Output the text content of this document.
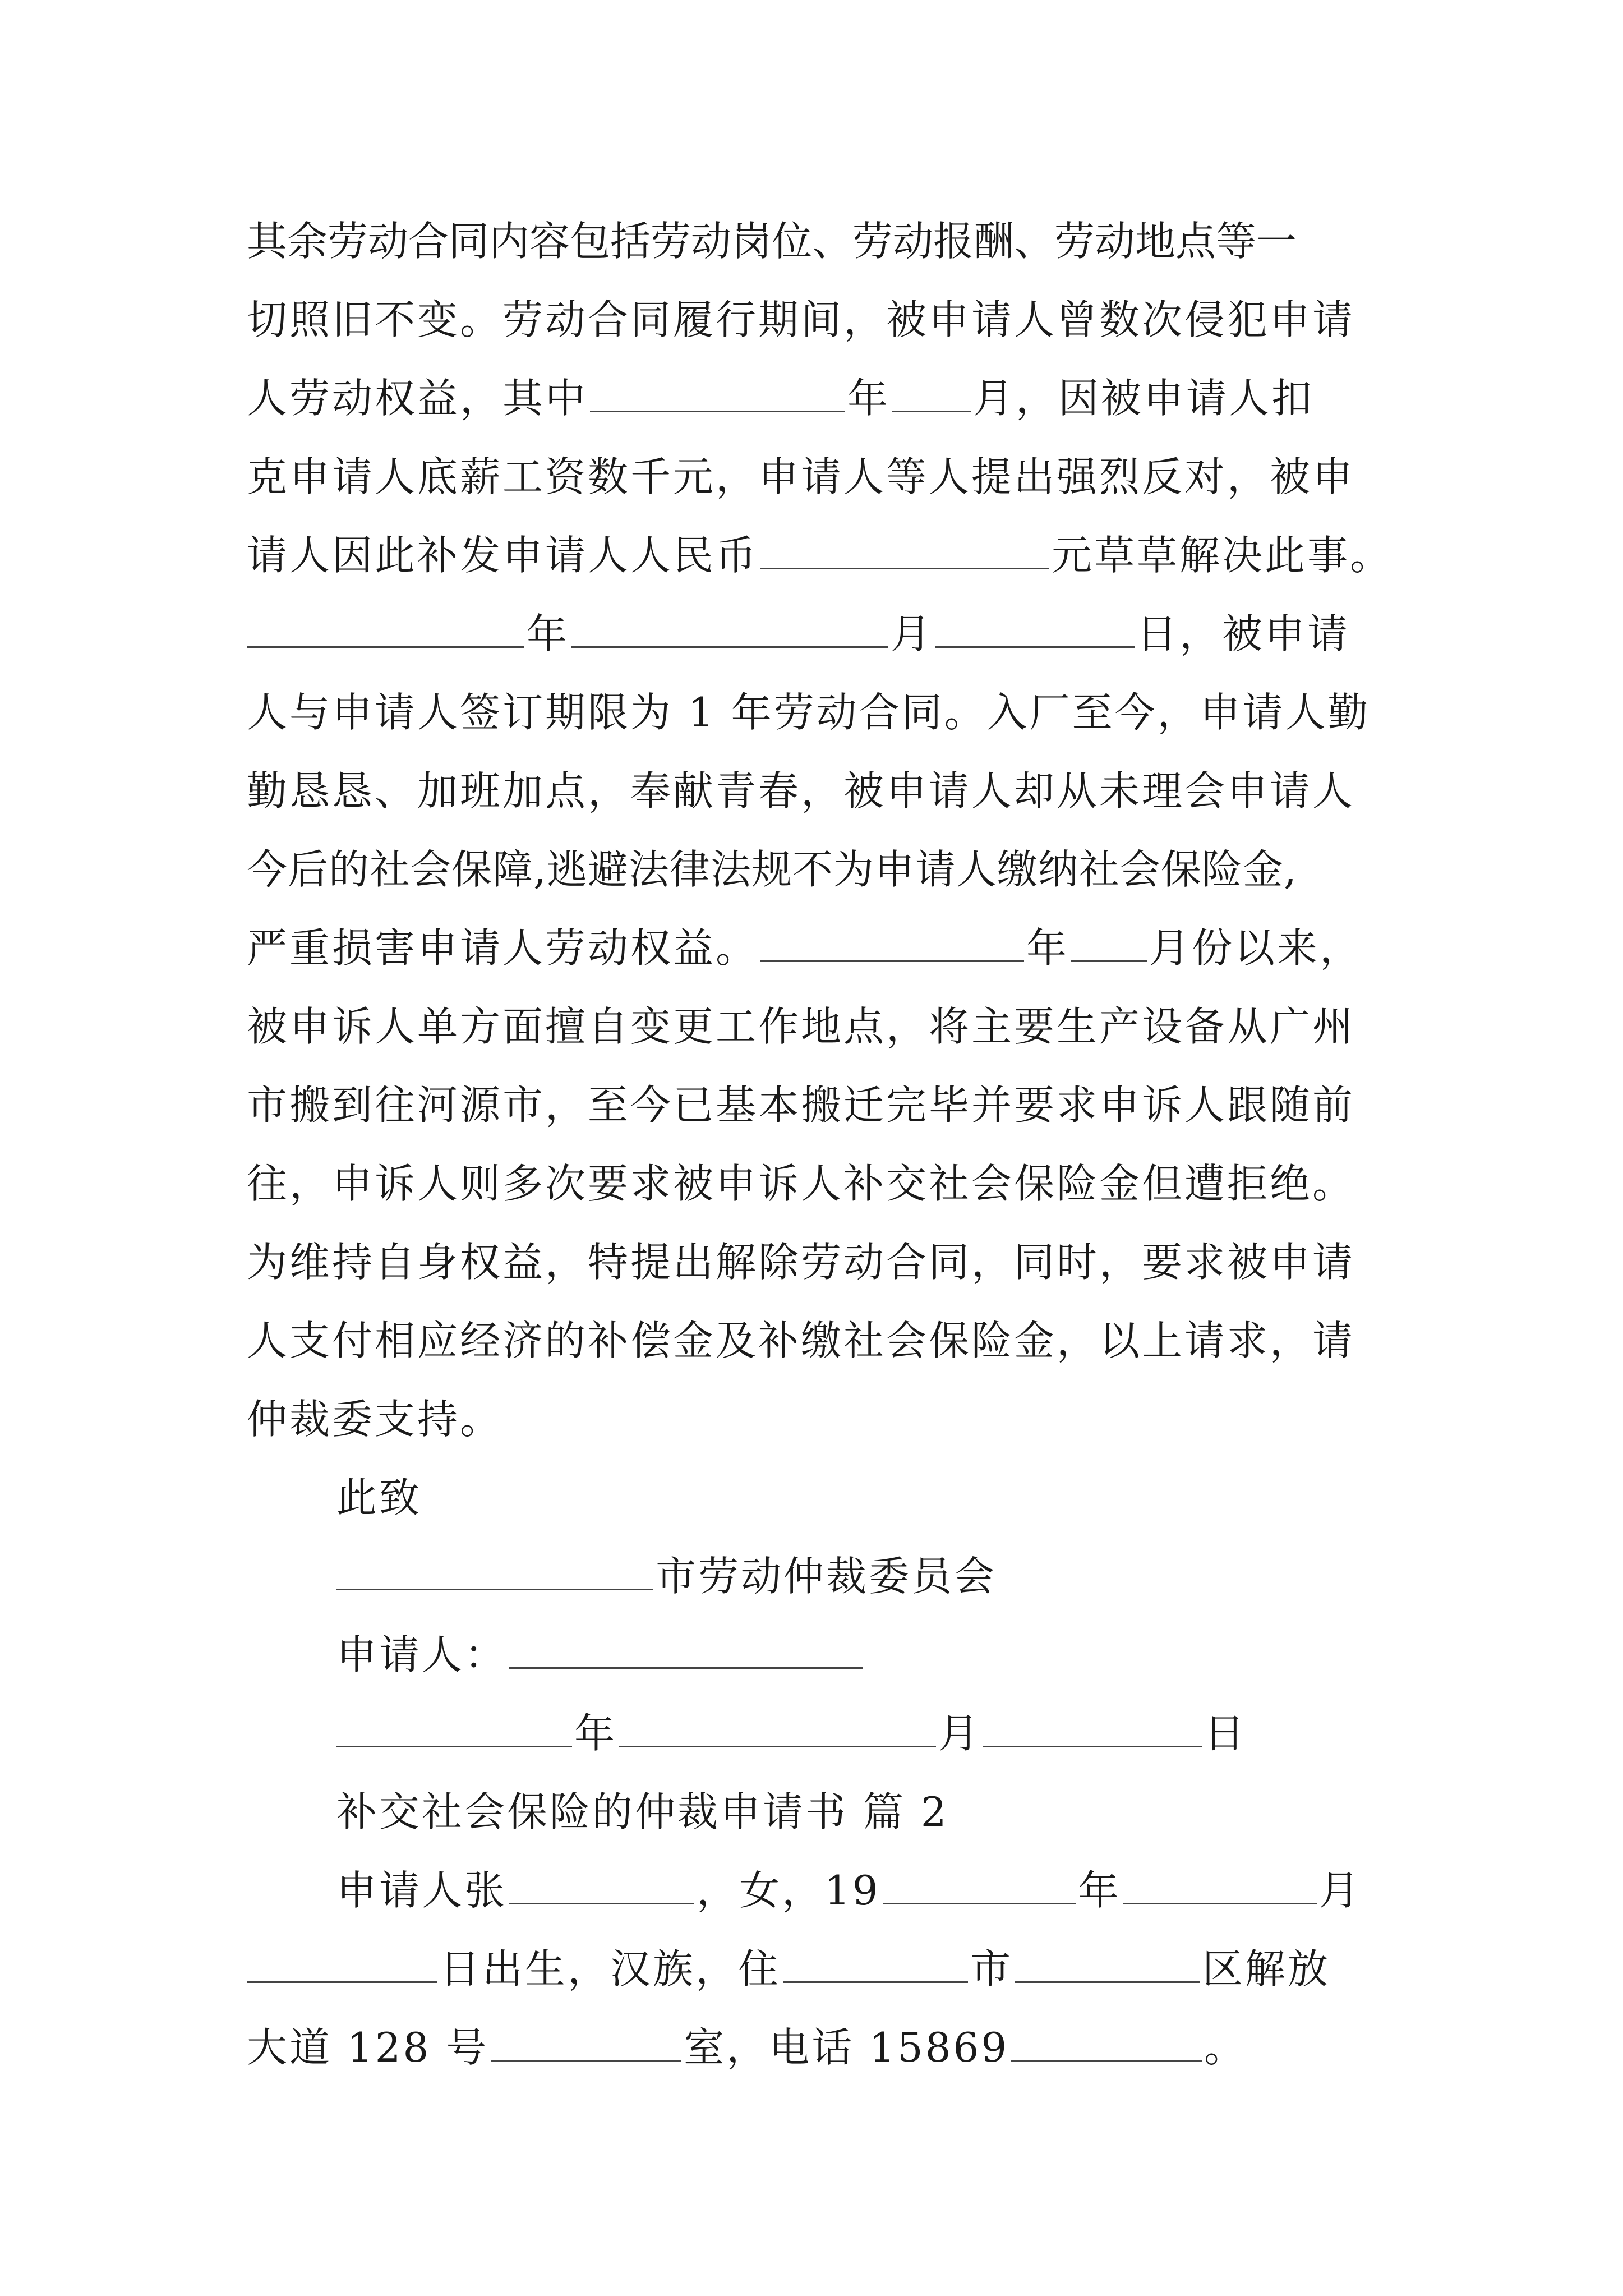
其余劳动合同内容包括劳动岗位、劳动报酬、劳动地点等一
切照旧不变。劳动合同履行期间，被申请人曾数次侵犯申请
人劳动权益，其中	年 月，因被申请人扣
克申请人底薪工资数千元，申请人等人提出强烈反对，被申
请人因此补发申请人人民币	元草草解决此事。
年	月	日，被申请
人与申请人签订期限为 1 年劳动合同。入厂至今，申请人勤
勤恳恳、加班加点，奉献青春，被申请人却从未理会申请人
今后的社会保障,逃避法律法规不为申请人缴纳社会保险金,
严重损害申请人劳动权益。	年 月份以来，
被申诉人单方面擅自变更工作地点，将主要生产设备从广州
市搬到往河源市，至今已基本搬迁完毕并要求申诉人跟随前
往，申诉人则多次要求被申诉人补交社会保险金但遭拒绝。
为维持自身权益，特提出解除劳动合同，同时，要求被申请
人支付相应经济的补偿金及补缴社会保险金，以上请求，请
仲裁委支持。
此致
市劳动仲裁委员会
申请人：
年	月	日
补交社会保险的仲裁申请书 篇 2
申请人张	，女，19	年	月
日出生，汉族，住	市	区解放
大道 128 号	室，电话 15869	。
